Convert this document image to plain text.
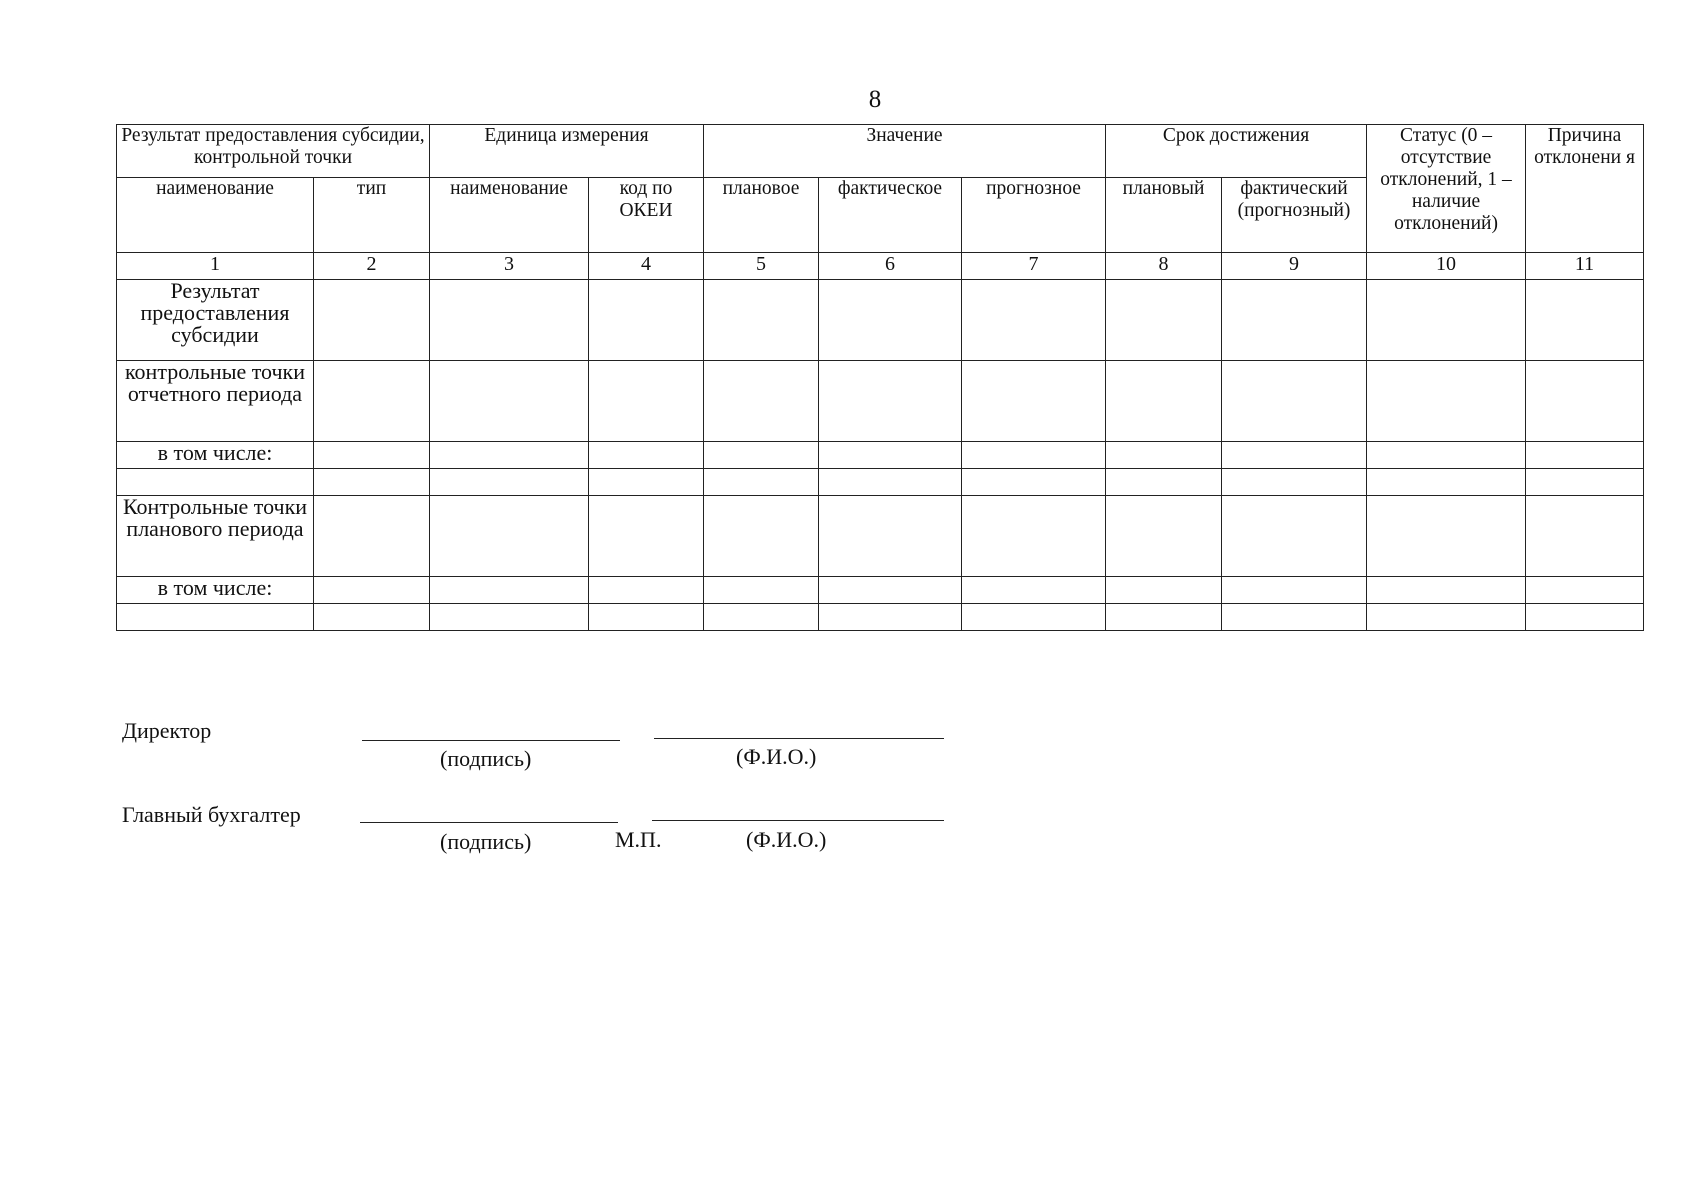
8
Результат предоставления субсидии, контрольной точки		Единица измерения		Значение			Срок достижения		Статус (0 – отсутствие отклонений, 1 – наличие отклонений)	Причина отклонени я
наименование	тип	наименование	код по ОКЕИ	плановое	фактическое	прогнозное	плановый	фактический (прогнозный)		
1	2	3	4	5	6	7	8	9	10	11
Результат предоставления субсидии										
контрольные точки отчетного периода										
в том числе:										

Контрольные точки планового периода										
в том числе:										

Директор
(подпись)	(Ф.И.О.)
Главный бухгалтер
(подпись)	М.П.	(Ф.И.О.)
